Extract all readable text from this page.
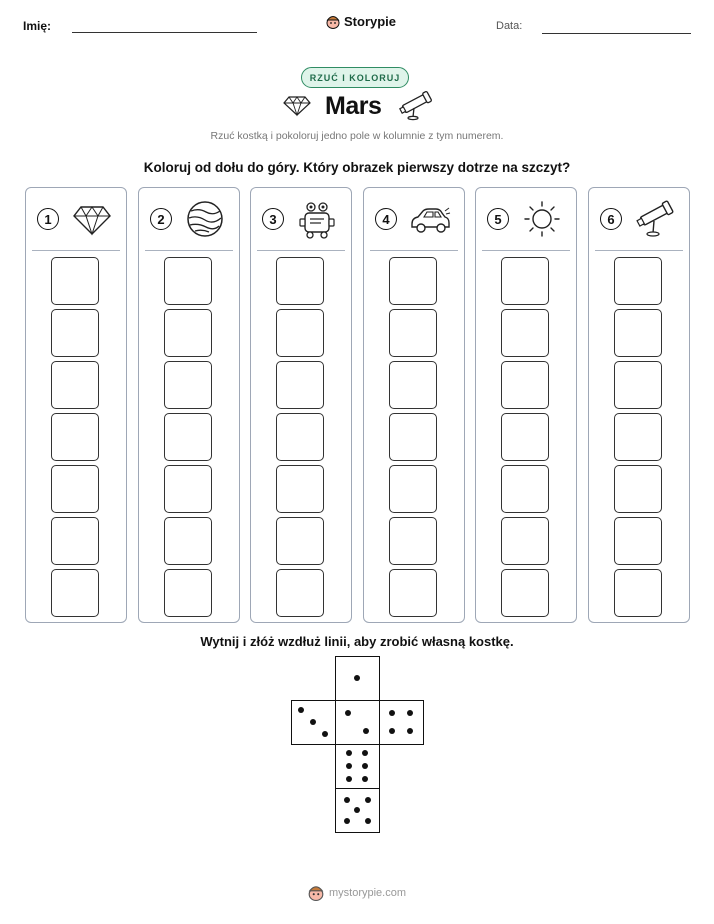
Imię:	Storypie	Data:
RZUĆ I KOLORUJ
Mars
Rzuć kostką i pokoloruj jedno pole w kolumnie z tym numerem.
Koloruj od dołu do góry. Który obrazek pierwszy dotrze na szczyt?
1	2	3	4	5	6
Wytnij i złóż wzdłuż linii, aby zrobić własną kostkę.
mystorypie.com
